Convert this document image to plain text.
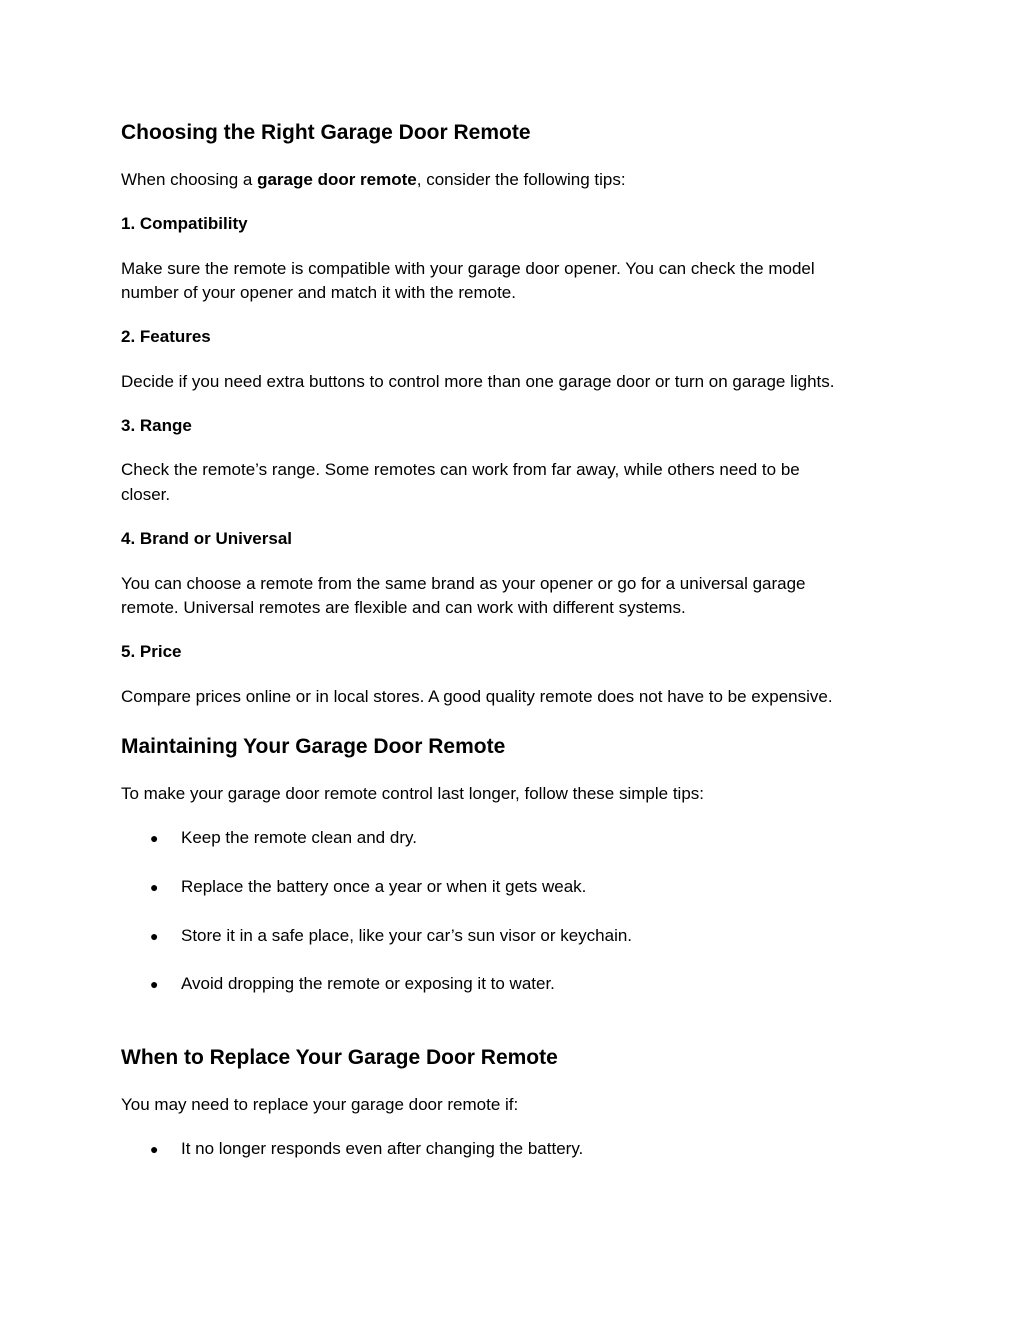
Choosing the Right Garage Door Remote

When choosing a garage door remote, consider the following tips:

1. Compatibility

Make sure the remote is compatible with your garage door opener. You can check the model

number of your opener and match it with the remote.

2. Features

Decide if you need extra buttons to control more than one garage door or turn on garage lights.

3. Range

Check the remote’s range. Some remotes can work from far away, while others need to be

closer.

4. Brand or Universal

You can choose a remote from the same brand as your opener or go for a universal garage

remote. Universal remotes are flexible and can work with different systems.

5. Price

Compare prices online or in local stores. A good quality remote does not have to be expensive.

Maintaining Your Garage Door Remote

To make your garage door remote control last longer, follow these simple tips:

● Keep the remote clean and dry.
● Replace the battery once a year or when it gets weak.
● Store it in a safe place, like your car’s sun visor or keychain.
● Avoid dropping the remote or exposing it to water.
When to Replace Your Garage Door Remote

You may need to replace your garage door remote if:

● It no longer responds even after changing the battery.
